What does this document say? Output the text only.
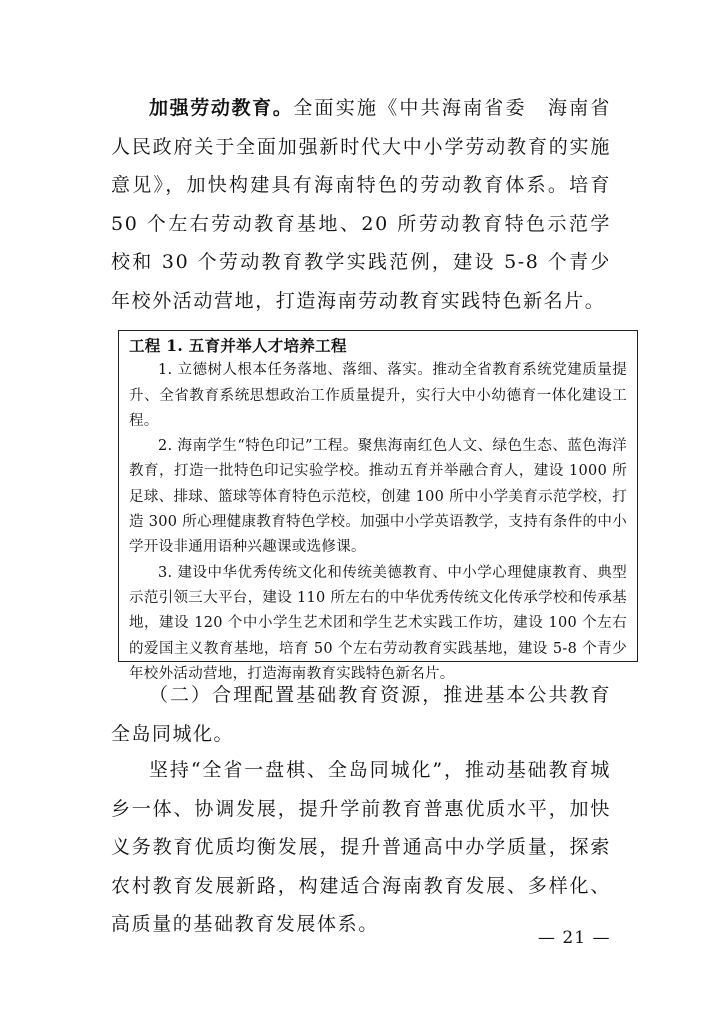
加强劳动教育。全面实施《中共海南省委　海南省人民政府关于全面加强新时代大中小学劳动教育的实施意见》，加快构建具有海南特色的劳动教育体系。培育 50 个左右劳动教育基地、20 所劳动教育特色示范学校和 30 个劳动教育教学实践范例，建设 5-8 个青少年校外活动营地，打造海南劳动教育实践特色新名片。

工程 1. 五育并举人才培养工程

1. 立德树人根本任务落地、落细、落实。推动全省教育系统党建质量提升、全省教育系统思想政治工作质量提升，实行大中小幼德育一体化建设工程。

2. 海南学生“特色印记”工程。聚焦海南红色人文、绿色生态、蓝色海洋教育，打造一批特色印记实验学校。推动五育并举融合育人，建设 1000 所足球、排球、篮球等体育特色示范校，创建 100 所中小学美育示范学校，打造 300 所心理健康教育特色学校。加强中小学英语教学，支持有条件的中小学开设非通用语种兴趣课或选修课。

3. 建设中华优秀传统文化和传统美德教育、中小学心理健康教育、典型示范引领三大平台，建设 110 所左右的中华优秀传统文化传承学校和传承基地，建设 120 个中小学生艺术团和学生艺术实践工作坊，建设 100 个左右的爱国主义教育基地，培育 50 个左右劳动教育实践基地，建设 5-8 个青少年校外活动营地，打造海南教育实践特色新名片。

（二）合理配置基础教育资源，推进基本公共教育全岛同城化。

坚持“全省一盘棋、全岛同城化”，推动基础教育城乡一体、协调发展，提升学前教育普惠优质水平，加快义务教育优质均衡发展，提升普通高中办学质量，探索农村教育发展新路，构建适合海南教育发展、多样化、高质量的基础教育发展体系。

— 21 —
